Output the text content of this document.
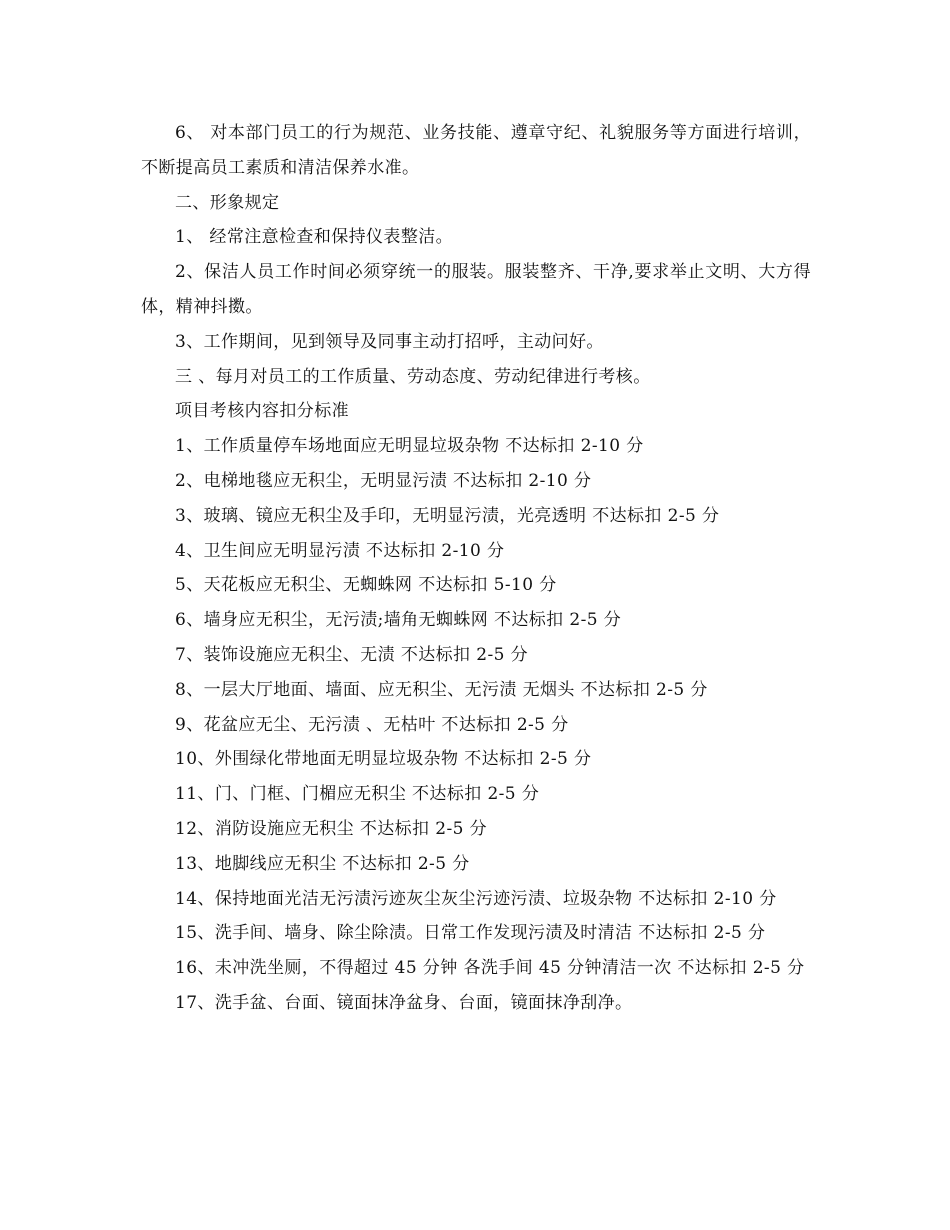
6、 对本部门员工的行为规范、业务技能、遵章守纪、礼貌服务等方面进行培训，不断提高员工素质和清洁保养水准。

二、形象规定

1、 经常注意检查和保持仪表整洁。

2、保洁人员工作时间必须穿统一的服装。服装整齐、干净,要求举止文明、大方得体，精神抖擞。

3、工作期间，见到领导及同事主动打招呼，主动问好。

三 、每月对员工的工作质量、劳动态度、劳动纪律进行考核。

项目考核内容扣分标准

1、工作质量停车场地面应无明显垃圾杂物 不达标扣 2-10 分

2、电梯地毯应无积尘，无明显污渍 不达标扣 2-10 分

3、玻璃、镜应无积尘及手印，无明显污渍，光亮透明 不达标扣 2-5 分

4、卫生间应无明显污渍 不达标扣 2-10 分

5、天花板应无积尘、无蜘蛛网 不达标扣 5-10 分

6、墙身应无积尘，无污渍;墙角无蜘蛛网 不达标扣 2-5 分

7、装饰设施应无积尘、无渍 不达标扣 2-5 分

8、一层大厅地面、墙面、应无积尘、无污渍 无烟头 不达标扣 2-5 分

9、花盆应无尘、无污渍 、无枯叶 不达标扣 2-5 分

10、外围绿化带地面无明显垃圾杂物 不达标扣 2-5 分

11、门、门框、门楣应无积尘 不达标扣 2-5 分

12、消防设施应无积尘 不达标扣 2-5 分

13、地脚线应无积尘 不达标扣 2-5 分

14、保持地面光洁无污渍污迹灰尘灰尘污迹污渍、垃圾杂物 不达标扣 2-10 分

15、洗手间、墙身、除尘除渍。日常工作发现污渍及时清洁 不达标扣 2-5 分

16、未冲洗坐厕，不得超过 45 分钟 各洗手间 45 分钟清洁一次 不达标扣 2-5 分

17、洗手盆、台面、镜面抹净盆身、台面，镜面抹净刮净。
